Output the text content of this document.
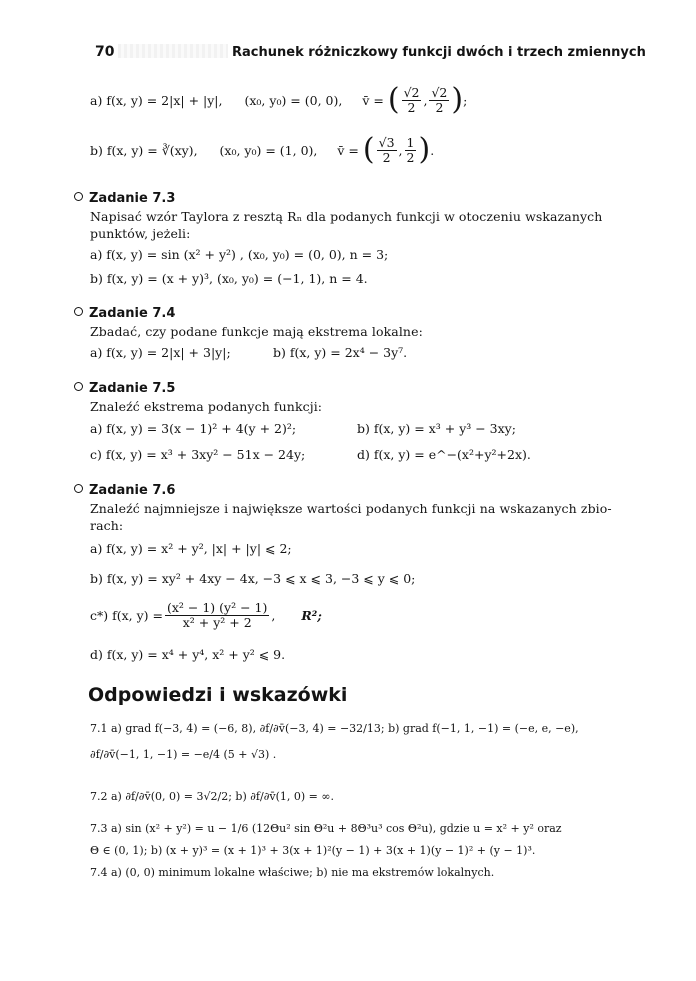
70	Rachunek różniczkowy funkcji dwóch i trzech zmiennych
a)
f(x, y) = 2|x| + |y|, (x₀, y₀) = (0, 0), v̄ =
( $\frac{√2}{2}$ , $\frac{√2}{2}$ ) ;
b)
f(x, y) = ∛(xy), (x₀, y₀) = (1, 0), v̄ =
( $\frac{√3}{2}$ , $\frac{1}{2}$ ) .
Zadanie 7.3
Napisać wzór Taylora z resztą Rₙ dla podanych funkcji w otoczeniu wskazanych
punktów, jeżeli:
a) f(x, y) = sin (x² + y²) , (x₀, y₀) = (0, 0), n = 3;
b) f(x, y) = (x + y)³, (x₀, y₀) = (−1, 1), n = 4.
Zadanie 7.4
Zbadać, czy podane funkcje mają ekstrema lokalne:
a) f(x, y) = 2|x| + 3|y|;	b) f(x, y) = 2x⁴ − 3y⁷.
Zadanie 7.5
Znaleźć ekstrema podanych funkcji:
a) f(x, y) = 3(x − 1)² + 4(y + 2)²;	b) f(x, y) = x³ + y³ − 3xy;
c) f(x, y) = x³ + 3xy² − 51x − 24y;	d) f(x, y) = e^−(x²+y²+2x).
Zadanie 7.6
Znaleźć najmniejsze i największe wartości podanych funkcji na wskazanych zbio-
rach:
a) f(x, y) = x² + y², |x| + |y| ⩽ 2;
b) f(x, y) = xy² + 4xy − 4x, −3 ⩽ x ⩽ 3, −3 ⩽ y ⩽ 0;
c*) f(x, $y) = \frac{\text{(x² − 1) (y² − 1)}}{\text{x² + y² + 2}}$ , R²;
d) f(x, y) = x⁴ + y⁴, x² + y² ⩽ 9.
Odpowiedzi i wskazówki
7.1 a) grad f(−3, 4) = (−6, 8), ∂f/∂v̄(−3, 4) = −32/13; b) grad f(−1, 1, −1) = (−e, e, −e),
∂f/∂v̄(−1, 1, −1) = −e/4 (5 + √3) .
7.2 a) ∂f/∂v̄(0, 0) = 3√2/2; b) ∂f/∂v̄(1, 0) = ∞.
7.3 a) sin (x² + y²) = u − 1/6 (12Θu² sin Θ²u + 8Θ³u³ cos Θ²u), gdzie u = x² + y² oraz
Θ ∈ (0, 1); b) (x + y)³ = (x + 1)³ + 3(x + 1)²(y − 1) + 3(x + 1)(y − 1)² + (y − 1)³.
7.4 a) (0, 0) minimum lokalne właściwe; b) nie ma ekstremów lokalnych.
